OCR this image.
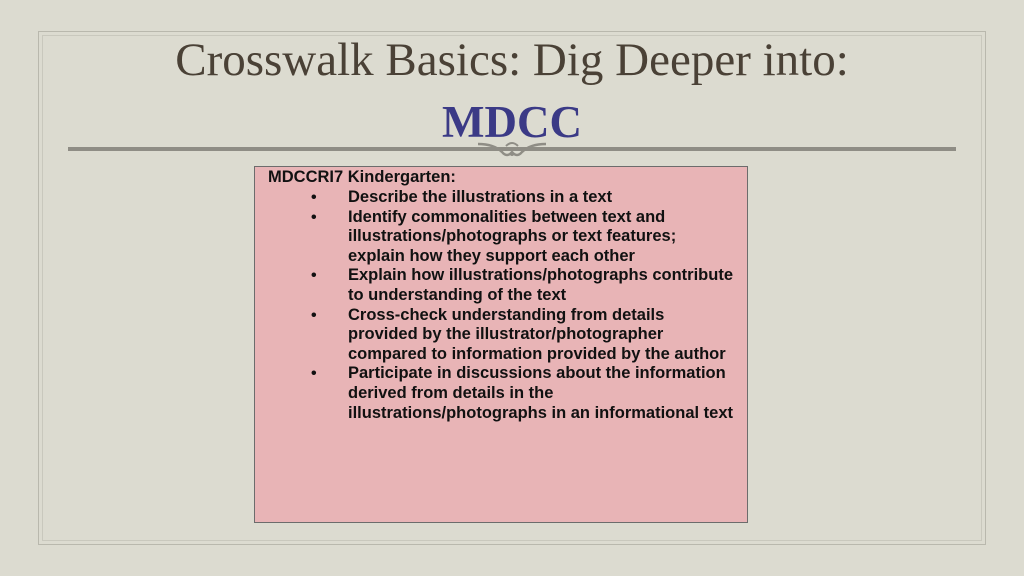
Crosswalk Basics: Dig Deeper into:
MDCC
MDCCRI7 Kindergarten:
• Describe the illustrations in a text
• Identify commonalities between text and illustrations/photographs or text features; explain how they support each other
• Explain how illustrations/photographs contribute to understanding of the text
• Cross-check understanding from details provided by the illustrator/photographer compared to information provided by the author
• Participate in discussions about the information derived from details in the illustrations/photographs in an informational text
